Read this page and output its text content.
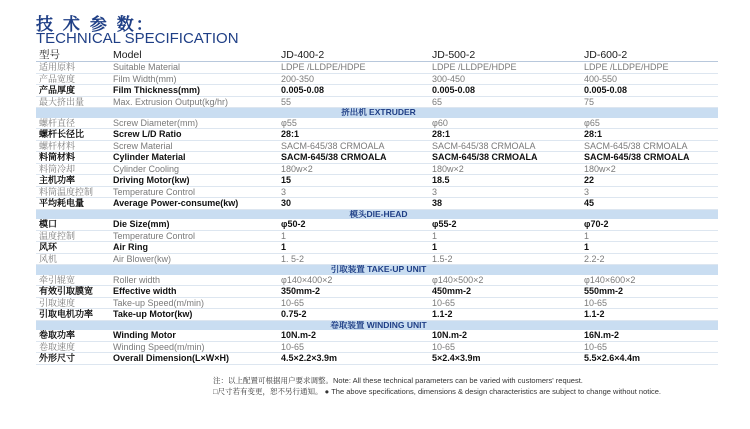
技 术 参 数：
TECHNICAL SPECIFICATION
型号	Model	JD-400-2	JD-500-2	JD-600-2
适用原料	Suitable Material	LDPE /LLDPE/HDPE	LDPE /LLDPE/HDPE	LDPE /LLDPE/HDPE
产品宽度	Film Width(mm)	200-350	300-450	400-550
产品厚度	Film Thickness(mm)	0.005-0.08	0.005-0.08	0.005-0.08
最大挤出量	Max. Extrusion Output(kg/hr)	55	65	75
挤出机 EXTRUDER				
螺杆直径	Screw Diameter(mm)	φ55	φ60	φ65
螺杆长径比	Screw L/D Ratio	28:1	28:1	28:1
螺杆材料	Screw Material	SACM-645/38 CRMOALA	SACM-645/38 CRMOALA	SACM-645/38 CRMOALA
料筒材料	Cylinder Material	SACM-645/38 CRMOALA	SACM-645/38 CRMOALA	SACM-645/38 CRMOALA
料筒冷却	Cylinder Cooling	180w×2	180w×2	180w×2
主机功率	Driving Motor(kw)	15	18.5	22
料筒温度控制	Temperature Control	3	3	3
平均耗电量	Average Power-consume(kw)	30	38	45
模头DIE-HEAD				
模口	Die Size(mm)	φ50-2	φ55-2	φ70-2
温度控制	Temperature Control	1	1	1
风环	Air Ring	1	1	1
风机	Air Blower(kw)	1. 5-2	1.5-2	2.2-2
引取装置 TAKE-UP UNIT				
牵引辊宽	Roller width	φ140×400×2	φ140×500×2	φ140×600×2
有效引取膜宽	Effective width	350mm-2	450mm-2	550mm-2
引取速度	Take-up Speed(m/min)	10-65	10-65	10-65
引取电机功率	Take-up Motor(kw)	0.75-2	1.1-2	1.1-2
卷取装置 WINDING UNIT				
卷取功率	Winding Motor	10N.m-2	10N.m-2	16N.m-2
卷取速度	Winding Speed(m/min)	10-65	10-65	10-65
外形尺寸	Overall Dimension(L×W×H)	4.5×2.2×3.9m	5×2.4×3.9m	5.5×2.6×4.4m
注：以上配置可根据用户要求调整。Note: All these technical parameters can be varied with customers' request.
□尺寸若有变更，恕不另行通知。 ● The above specifications, dimensions & design characteristics are subject to change without notice.
